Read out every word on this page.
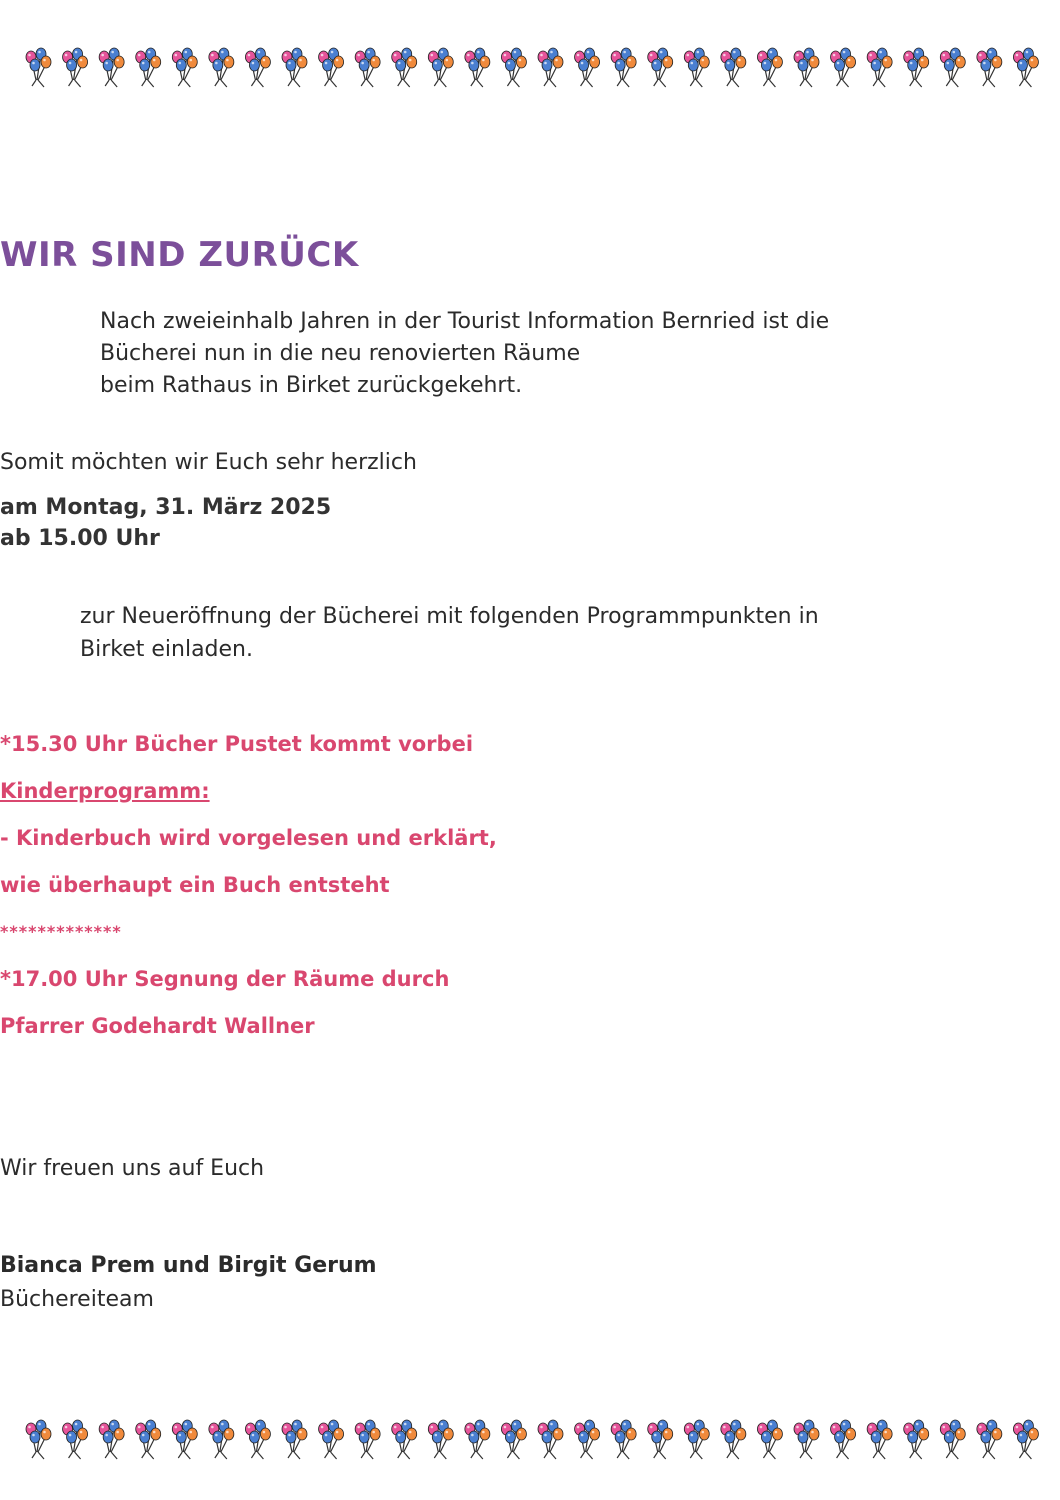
WIR SIND ZURÜCK
Nach zweieinhalb Jahren in der Tourist Information Bernried ist die
Bücherei nun in die neu renovierten Räume
beim Rathaus in Birket zurückgekehrt.
Somit möchten wir Euch sehr herzlich
am Montag, 31. März 2025
ab 15.00 Uhr
zur Neueröffnung der Bücherei mit folgenden Programmpunkten in
Birket einladen.
*15.30 Uhr Bücher Pustet kommt vorbei
Kinderprogramm:
- Kinderbuch wird vorgelesen und erklärt,
wie überhaupt ein Buch entsteht
*************
*17.00 Uhr Segnung der Räume durch
Pfarrer Godehardt Wallner
Wir freuen uns auf Euch
Bianca Prem und Birgit Gerum
Büchereiteam
